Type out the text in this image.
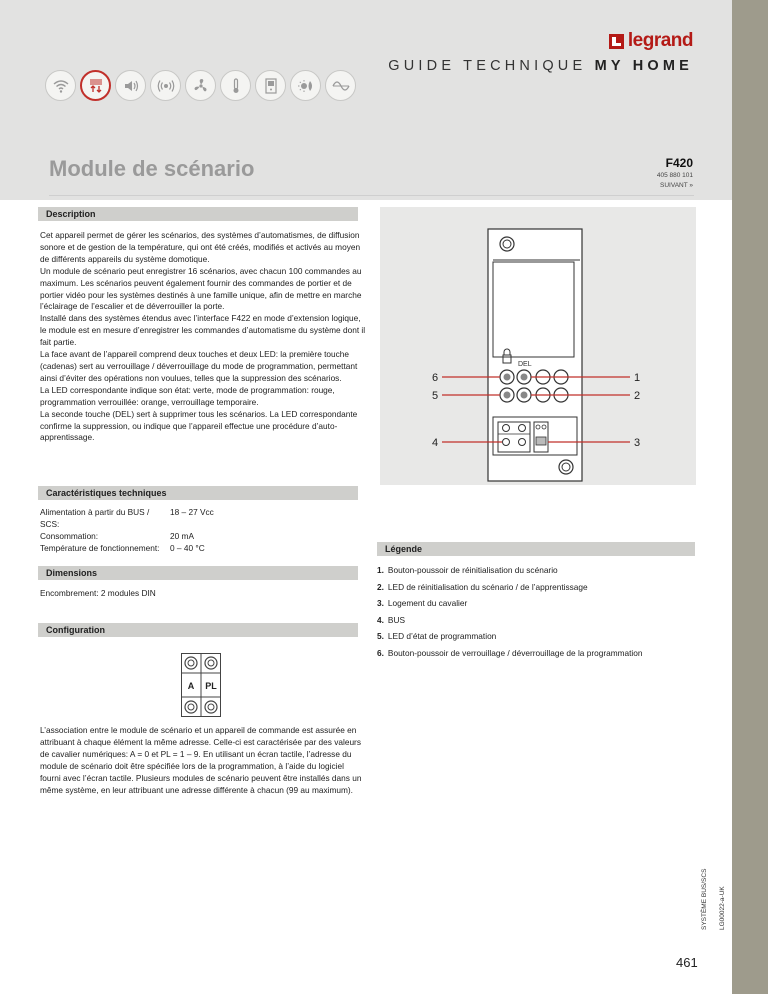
legrand
GUIDE TECHNIQUE MY HOME
Module de scénario	F420
405 880 101
SUIVANT »
Description

Cet appareil permet de gérer les scénarios, des systèmes d’automatismes, de diffusion sonore et de gestion de la température, qui ont été créés, modifiés et activés au moyen de différents appareils du système domotique.

Un module de scénario peut enregistrer 16 scénarios, avec chacun 100 commandes au maximum. Les scénarios peuvent également fournir des commandes de portier et de portier vidéo pour les systèmes destinés à une famille unique, afin de mettre en marche l’éclairage de l’escalier et de déverrouiller la porte.

Installé dans des systèmes étendus avec l’interface F422 en mode d’extension logique, le module est en mesure d’enregistrer les commandes d’automatisme du système dont il fait partie.

La face avant de l’appareil comprend deux touches et deux LED: la première touche (cadenas) sert au verrouillage / déverrouillage du mode de programmation, permettant ainsi d’éviter des opérations non voulues, telles que la suppression des scénarios.

La LED correspondante indique son état: verte, mode de programmation: rouge, programmation verrouillée: orange, verrouillage temporaire.

La seconde touche (DEL) sert à supprimer tous les scénarios. La LED correspondante confirme la suppression, ou indique que l’appareil effectue une procédure d’auto-apprentissage.

Caractéristiques techniques
Alimentation à partir du BUS / SCS:
18 – 27 Vcc
Consommation:	20 mA
Température de fonctionnement:	0 – 40 °C
Dimensions
Encombrement: 2 modules DIN
Configuration
A PL
L’association entre le module de scénario et un appareil de commande est assurée en attribuant à chaque élément la même adresse. Celle-ci est caractérisée par des valeurs de cavalier numériques: A = 0 et PL = 1 – 9. En utilisant un écran tactile, l’adresse du module de scénario doit être spécifiée lors de la programmation, à l’aide du logiciel fourni avec l’écran tactile. Plusieurs modules de scénario peuvent être installés dans un même système, en leur attribuant une adresse différente à chacun (99 au maximum).
DEL
6
5
4
1
2
3
Légende
1. Bouton-poussoir de réinitialisation du scénario
2. LED de réinitialisation du scénario / de l’apprentissage
3. Logement du cavalier
4. BUS
5. LED d’état de programmation
6. Bouton-poussoir de verrouillage / déverrouillage de la programmation
SYSTÈME BUS/SCS LG00022-a-UK
461
